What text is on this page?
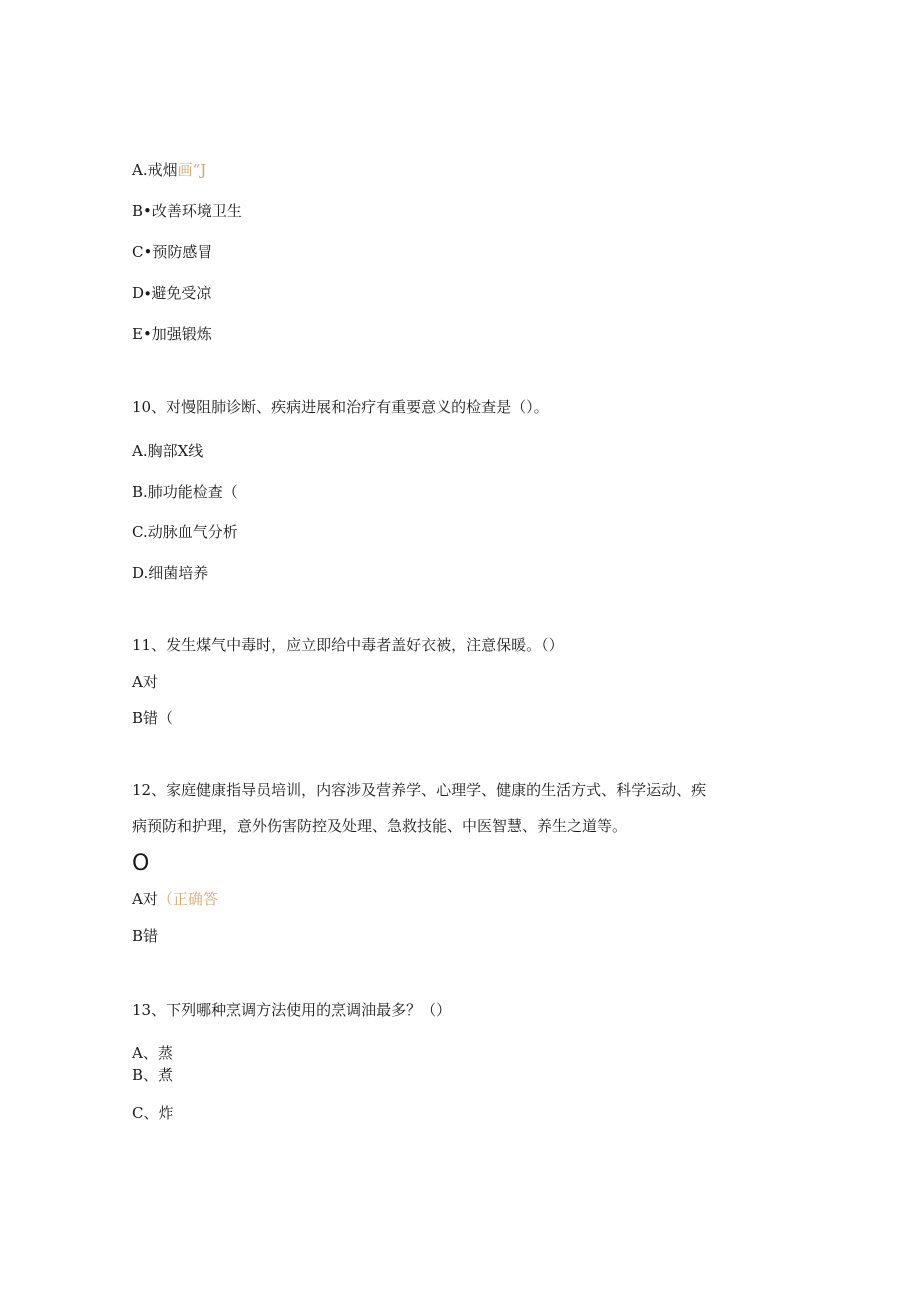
A.戒烟画“J
B•改善环境卫生
C•预防感冒
D∙避免受凉
E•加强锻炼
10、对慢阻肺诊断、疾病进展和治疗有重要意义的检查是（）。
A.胸部X线
B.肺功能检查（
C.动脉血气分析
D.细菌培养
11、发生煤气中毒时，应立即给中毒者盖好衣被，注意保暖。（）
A对
B错（
12、家庭健康指导员培训，内容涉及营养学、心理学、健康的生活方式、科学运动、疾
病预防和护理，意外伤害防控及处理、急救技能、中医智慧、养生之道等。
O
A对（正确答
B错
13、下列哪种烹调方法使用的烹调油最多？（）
A、蒸
B、煮
C、炸
